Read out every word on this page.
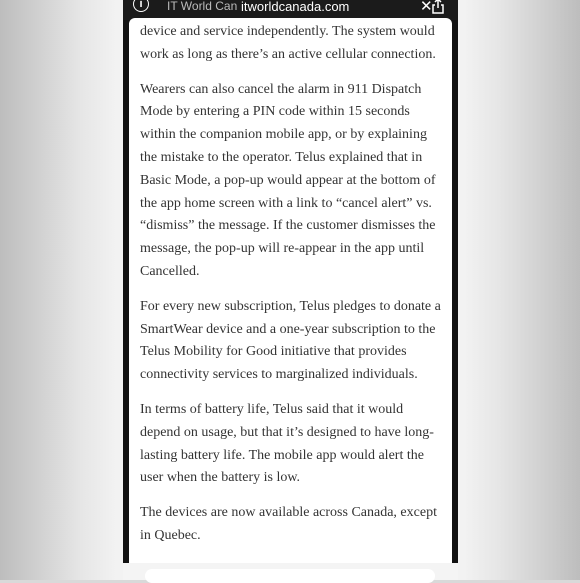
i	IT World Can itworldcanada.com	✕

device and service independently. The system would work as long as there’s an active cellular connection.

Wearers can also cancel the alarm in 911 Dispatch Mode by entering a PIN code within 15 seconds within the companion mobile app, or by explaining the mistake to the operator. Telus explained that in Basic Mode, a pop-up would appear at the bottom of the app home screen with a link to “cancel alert” vs. “dismiss” the message. If the customer dismisses the message, the pop-up will re-appear in the app until Cancelled.

For every new subscription, Telus pledges to donate a SmartWear device and a one-year subscription to the Telus Mobility for Good initiative that provides connectivity services to marginalized individuals.

In terms of battery life, Telus said that it would depend on usage, but that it’s designed to have long-lasting battery life. The mobile app would alert the user when the battery is low.

The devices are now available across Canada, except in Quebec.
